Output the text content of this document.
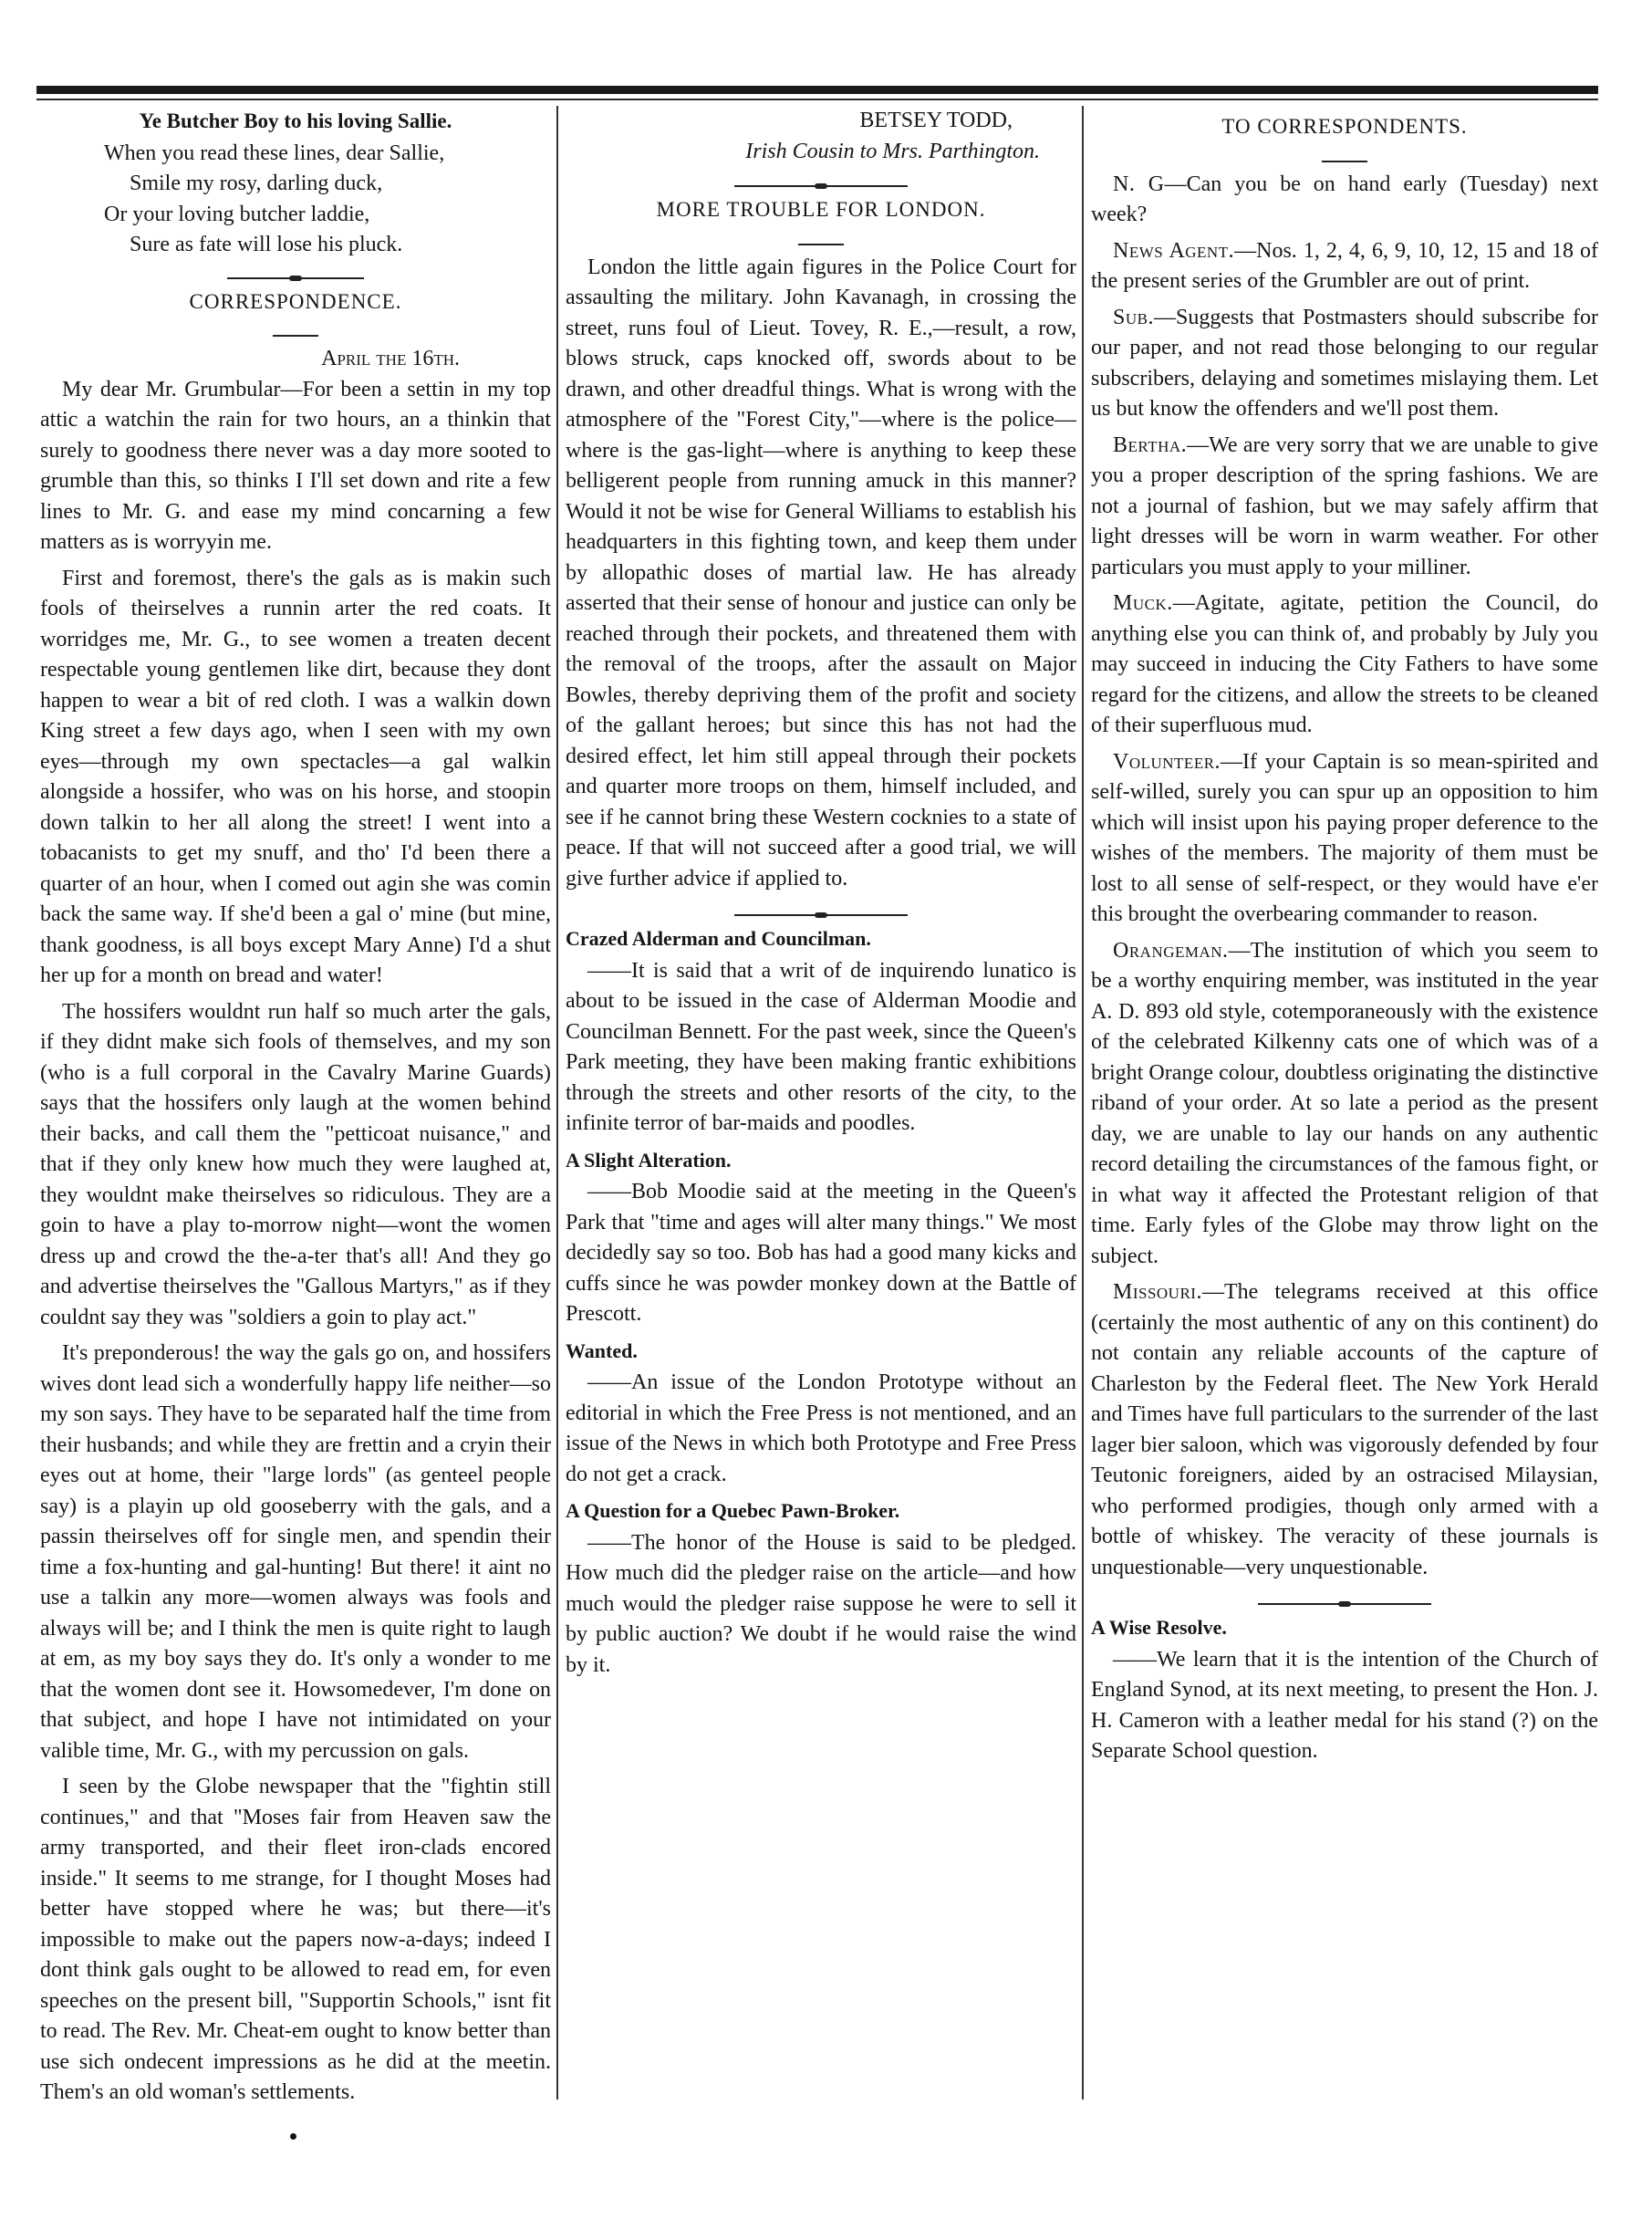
Ye Butcher Boy to his loving Sallie.
When you read these lines, dear Sallie,
Smile my rosy, darling duck,
Or your loving butcher laddie,
Sure as fate will lose his pluck.
CORRESPONDENCE.

April the 16th.

My dear Mr. Grumbular—For been a settin in my top attic a watchin the rain for two hours, an a thinkin that surely to goodness there never was a day more sooted to grumble than this, so thinks I I'll set down and rite a few lines to Mr. G. and ease my mind concarning a few matters as is worryyin me.

First and foremost, there's the gals as is makin such fools of theirselves a runnin arter the red coats. It worridges me, Mr. G., to see women a treaten decent respectable young gentlemen like dirt, because they dont happen to wear a bit of red cloth. I was a walkin down King street a few days ago, when I seen with my own eyes—through my own spectacles—a gal walkin alongside a hossifer, who was on his horse, and stoopin down talkin to her all along the street! I went into a tobacanists to get my snuff, and tho' I'd been there a quarter of an hour, when I comed out agin she was comin back the same way. If she'd been a gal o' mine (but mine, thank goodness, is all boys except Mary Anne) I'd a shut her up for a month on bread and water!

The hossifers wouldnt run half so much arter the gals, if they didnt make sich fools of themselves, and my son (who is a full corporal in the Cavalry Marine Guards) says that the hossifers only laugh at the women behind their backs, and call them the "petticoat nuisance," and that if they only knew how much they were laughed at, they wouldnt make theirselves so ridiculous. They are a goin to have a play to-morrow night—wont the women dress up and crowd the the-a-ter that's all! And they go and advertise theirselves the "Gallous Martyrs," as if they couldnt say they was "soldiers a goin to play act."

It's preponderous! the way the gals go on, and hossifers wives dont lead sich a wonderfully happy life neither—so my son says. They have to be separated half the time from their husbands; and while they are frettin and a cryin their eyes out at home, their "large lords" (as genteel people say) is a playin up old gooseberry with the gals, and a passin theirselves off for single men, and spendin their time a fox-hunting and gal-hunting! But there! it aint no use a talkin any more—women always was fools and always will be; and I think the men is quite right to laugh at em, as my boy says they do. It's only a wonder to me that the women dont see it. Howsomedever, I'm done on that subject, and hope I have not intimidated on your valible time, Mr. G., with my percussion on gals.

I seen by the Globe newspaper that the "fightin still continues," and that "Moses fair from Heaven saw the army transported, and their fleet iron-clads encored inside." It seems to me strange, for I thought Moses had better have stopped where he was; but there—it's impossible to make out the papers now-a-days; indeed I dont think gals ought to be allowed to read em, for even speeches on the present bill, "Supportin Schools," isnt fit to read. The Rev. Mr. Cheat-em ought to know better than use sich ondecent impressions as he did at the meetin. Them's an old woman's settlements.

BETSEY TODD,

Irish Cousin to Mrs. Parthington.

MORE TROUBLE FOR LONDON.

London the little again figures in the Police Court for assaulting the military. John Kavanagh, in crossing the street, runs foul of Lieut. Tovey, R. E.,—result, a row, blows struck, caps knocked off, swords about to be drawn, and other dreadful things. What is wrong with the atmosphere of the "Forest City,"—where is the police—where is the gas-light—where is anything to keep these belligerent people from running amuck in this manner? Would it not be wise for General Williams to establish his headquarters in this fighting town, and keep them under by allopathic doses of martial law. He has already asserted that their sense of honour and justice can only be reached through their pockets, and threatened them with the removal of the troops, after the assault on Major Bowles, thereby depriving them of the profit and society of the gallant heroes; but since this has not had the desired effect, let him still appeal through their pockets and quarter more troops on them, himself included, and see if he cannot bring these Western cocknies to a state of peace. If that will not succeed after a good trial, we will give further advice if applied to.

Crazed Alderman and Councilman.

——It is said that a writ of de inquirendo lunatico is about to be issued in the case of Alderman Moodie and Councilman Bennett. For the past week, since the Queen's Park meeting, they have been making frantic exhibitions through the streets and other resorts of the city, to the infinite terror of bar-maids and poodles.

A Slight Alteration.

——Bob Moodie said at the meeting in the Queen's Park that "time and ages will alter many things." We most decidedly say so too. Bob has had a good many kicks and cuffs since he was powder monkey down at the Battle of Prescott.

Wanted.

——An issue of the London Prototype without an editorial in which the Free Press is not mentioned, and an issue of the News in which both Prototype and Free Press do not get a crack.

A Question for a Quebec Pawn-Broker.

——The honor of the House is said to be pledged. How much did the pledger raise on the article—and how much would the pledger raise suppose he were to sell it by public auction? We doubt if he would raise the wind by it.

TO CORRESPONDENTS.

N. G—Can you be on hand early (Tuesday) next week?

News Agent.—Nos. 1, 2, 4, 6, 9, 10, 12, 15 and 18 of the present series of the Grumbler are out of print.

Sub.—Suggests that Postmasters should subscribe for our paper, and not read those belonging to our regular subscribers, delaying and sometimes mislaying them. Let us but know the offenders and we'll post them.

Bertha.—We are very sorry that we are unable to give you a proper description of the spring fashions. We are not a journal of fashion, but we may safely affirm that light dresses will be worn in warm weather. For other particulars you must apply to your milliner.

Muck.—Agitate, agitate, petition the Council, do anything else you can think of, and probably by July you may succeed in inducing the City Fathers to have some regard for the citizens, and allow the streets to be cleaned of their superfluous mud.

Volunteer.—If your Captain is so mean-spirited and self-willed, surely you can spur up an opposition to him which will insist upon his paying proper deference to the wishes of the members. The majority of them must be lost to all sense of self-respect, or they would have e'er this brought the overbearing commander to reason.

Orangeman.—The institution of which you seem to be a worthy enquiring member, was instituted in the year A. D. 893 old style, cotemporaneously with the existence of the celebrated Kilkenny cats one of which was of a bright Orange colour, doubtless originating the distinctive riband of your order. At so late a period as the present day, we are unable to lay our hands on any authentic record detailing the circumstances of the famous fight, or in what way it affected the Protestant religion of that time. Early fyles of the Globe may throw light on the subject.

Missouri.—The telegrams received at this office (certainly the most authentic of any on this continent) do not contain any reliable accounts of the capture of Charleston by the Federal fleet. The New York Herald and Times have full particulars to the surrender of the last lager bier saloon, which was vigorously defended by four Teutonic foreigners, aided by an ostracised Milaysian, who performed prodigies, though only armed with a bottle of whiskey. The veracity of these journals is unquestionable—very unquestionable.

A Wise Resolve.

——We learn that it is the intention of the Church of England Synod, at its next meeting, to present the Hon. J. H. Cameron with a leather medal for his stand (?) on the Separate School question.
